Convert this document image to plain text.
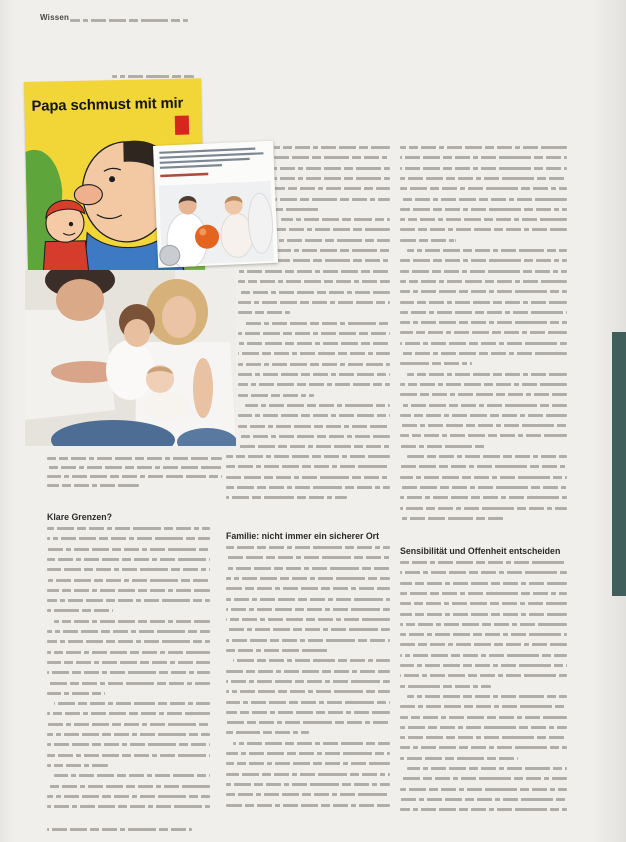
Wissen
Papa schmust mit mir
Klare Grenzen?
Familie: nicht immer ein sicherer Ort
Sensibilität und Offenheit entscheiden
